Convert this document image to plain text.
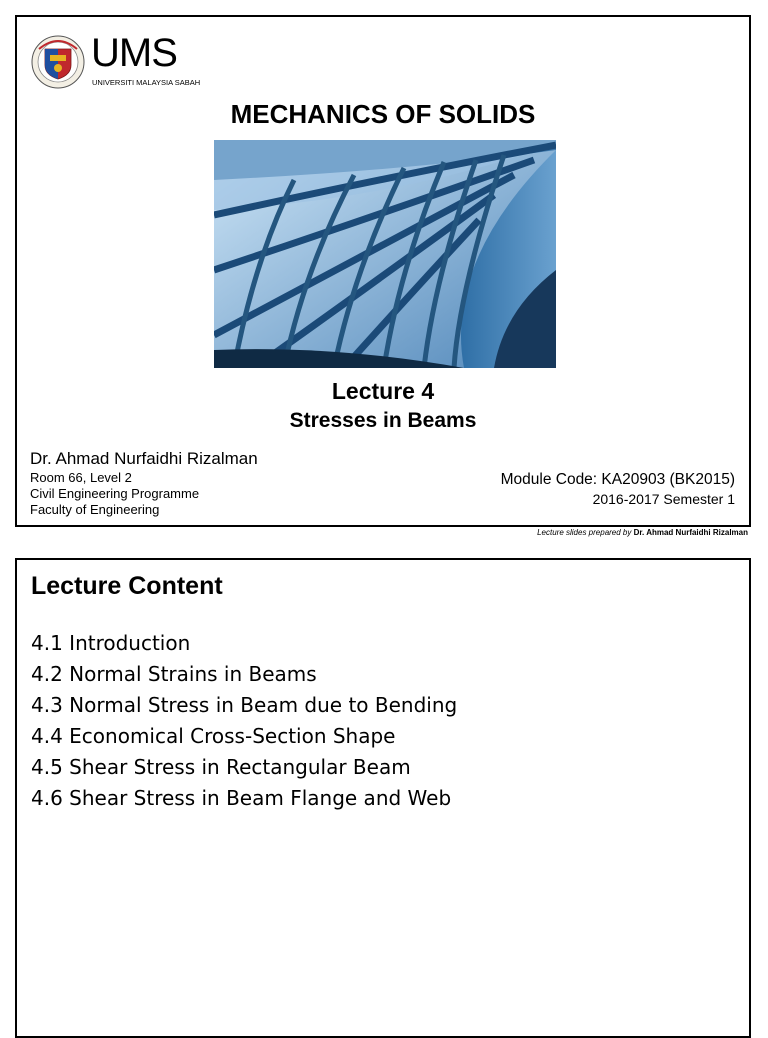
UMS
UNIVERSITI MALAYSIA SABAH
MECHANICS OF SOLIDS
Lecture 4
Stresses in Beams
Dr. Ahmad Nurfaidhi Rizalman
Room 66, Level 2
Civil Engineering Programme
Faculty of Engineering
Module Code: KA20903 (BK2015)
2016-2017 Semester 1
Lecture slides prepared by Dr. Ahmad Nurfaidhi Rizalman
Lecture Content
4.1 Introduction
4.2 Normal Strains in Beams
4.3 Normal Stress in Beam due to Bending
4.4 Economical Cross-Section Shape
4.5 Shear Stress in Rectangular Beam
4.6 Shear Stress in Beam Flange and Web
